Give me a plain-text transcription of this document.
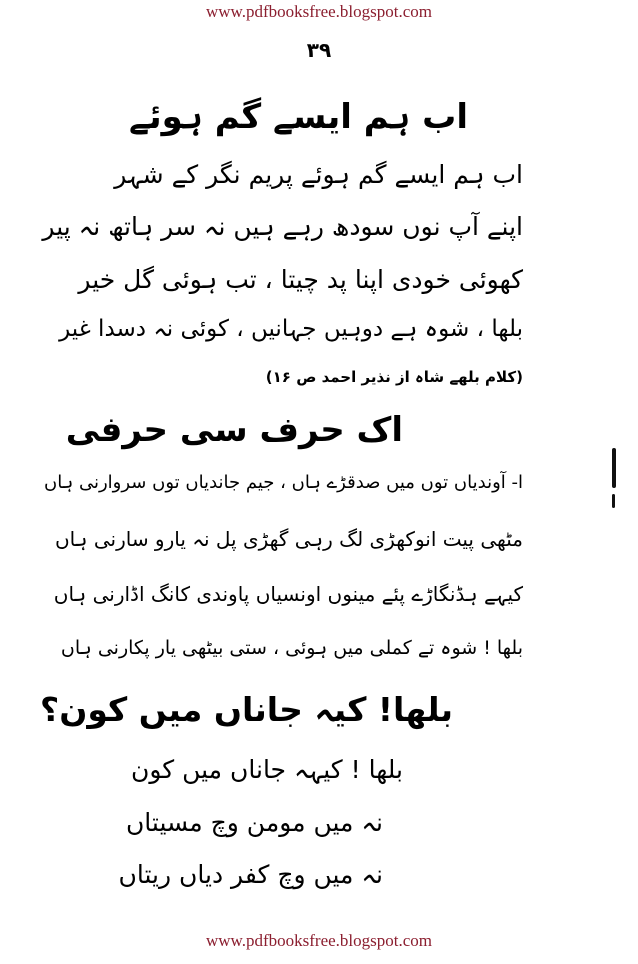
www.pdfbooksfree.blogspot.com
۳۹
اب ہم ایسے گم ہوئے
اب ہم ایسے گم ہوئے پریم نگر کے شہر
اپنے آپ نوں سودھ رہے ہیں نہ سر ہاتھ نہ پیر
کھوئی خودی اپنا پد چیتا ، تب ہوئی گل خیر
بلھا ، شوہ ہے دوہیں جہانیں ، کوئی نہ دسدا غیر
(کلام بلھے شاہ از نذیر احمد ص ۱۶)
اک حرف سی حرفی
ا- آوندیاں توں میں صدقڑے ہاں ، جیم جاندیاں توں سروارنی ہاں
مٹھی پیت انوکھڑی لگ رہی گھڑی پل نہ یارو سارنی ہاں
کیہے ہڈنگاڑے پئے مینوں اونسیاں پاوندی کانگ اڈارنی ہاں
بلھا ! شوہ تے کملی میں ہوئی ، ستی بیٹھی یار پکارنی ہاں
بلھا! کیہ جاناں میں کون؟
بلھا ! کیہہ جاناں میں کون
نہ میں مومن وچ مسیتاں
نہ میں وچ کفر دیاں ریتاں
www.pdfbooksfree.blogspot.com
